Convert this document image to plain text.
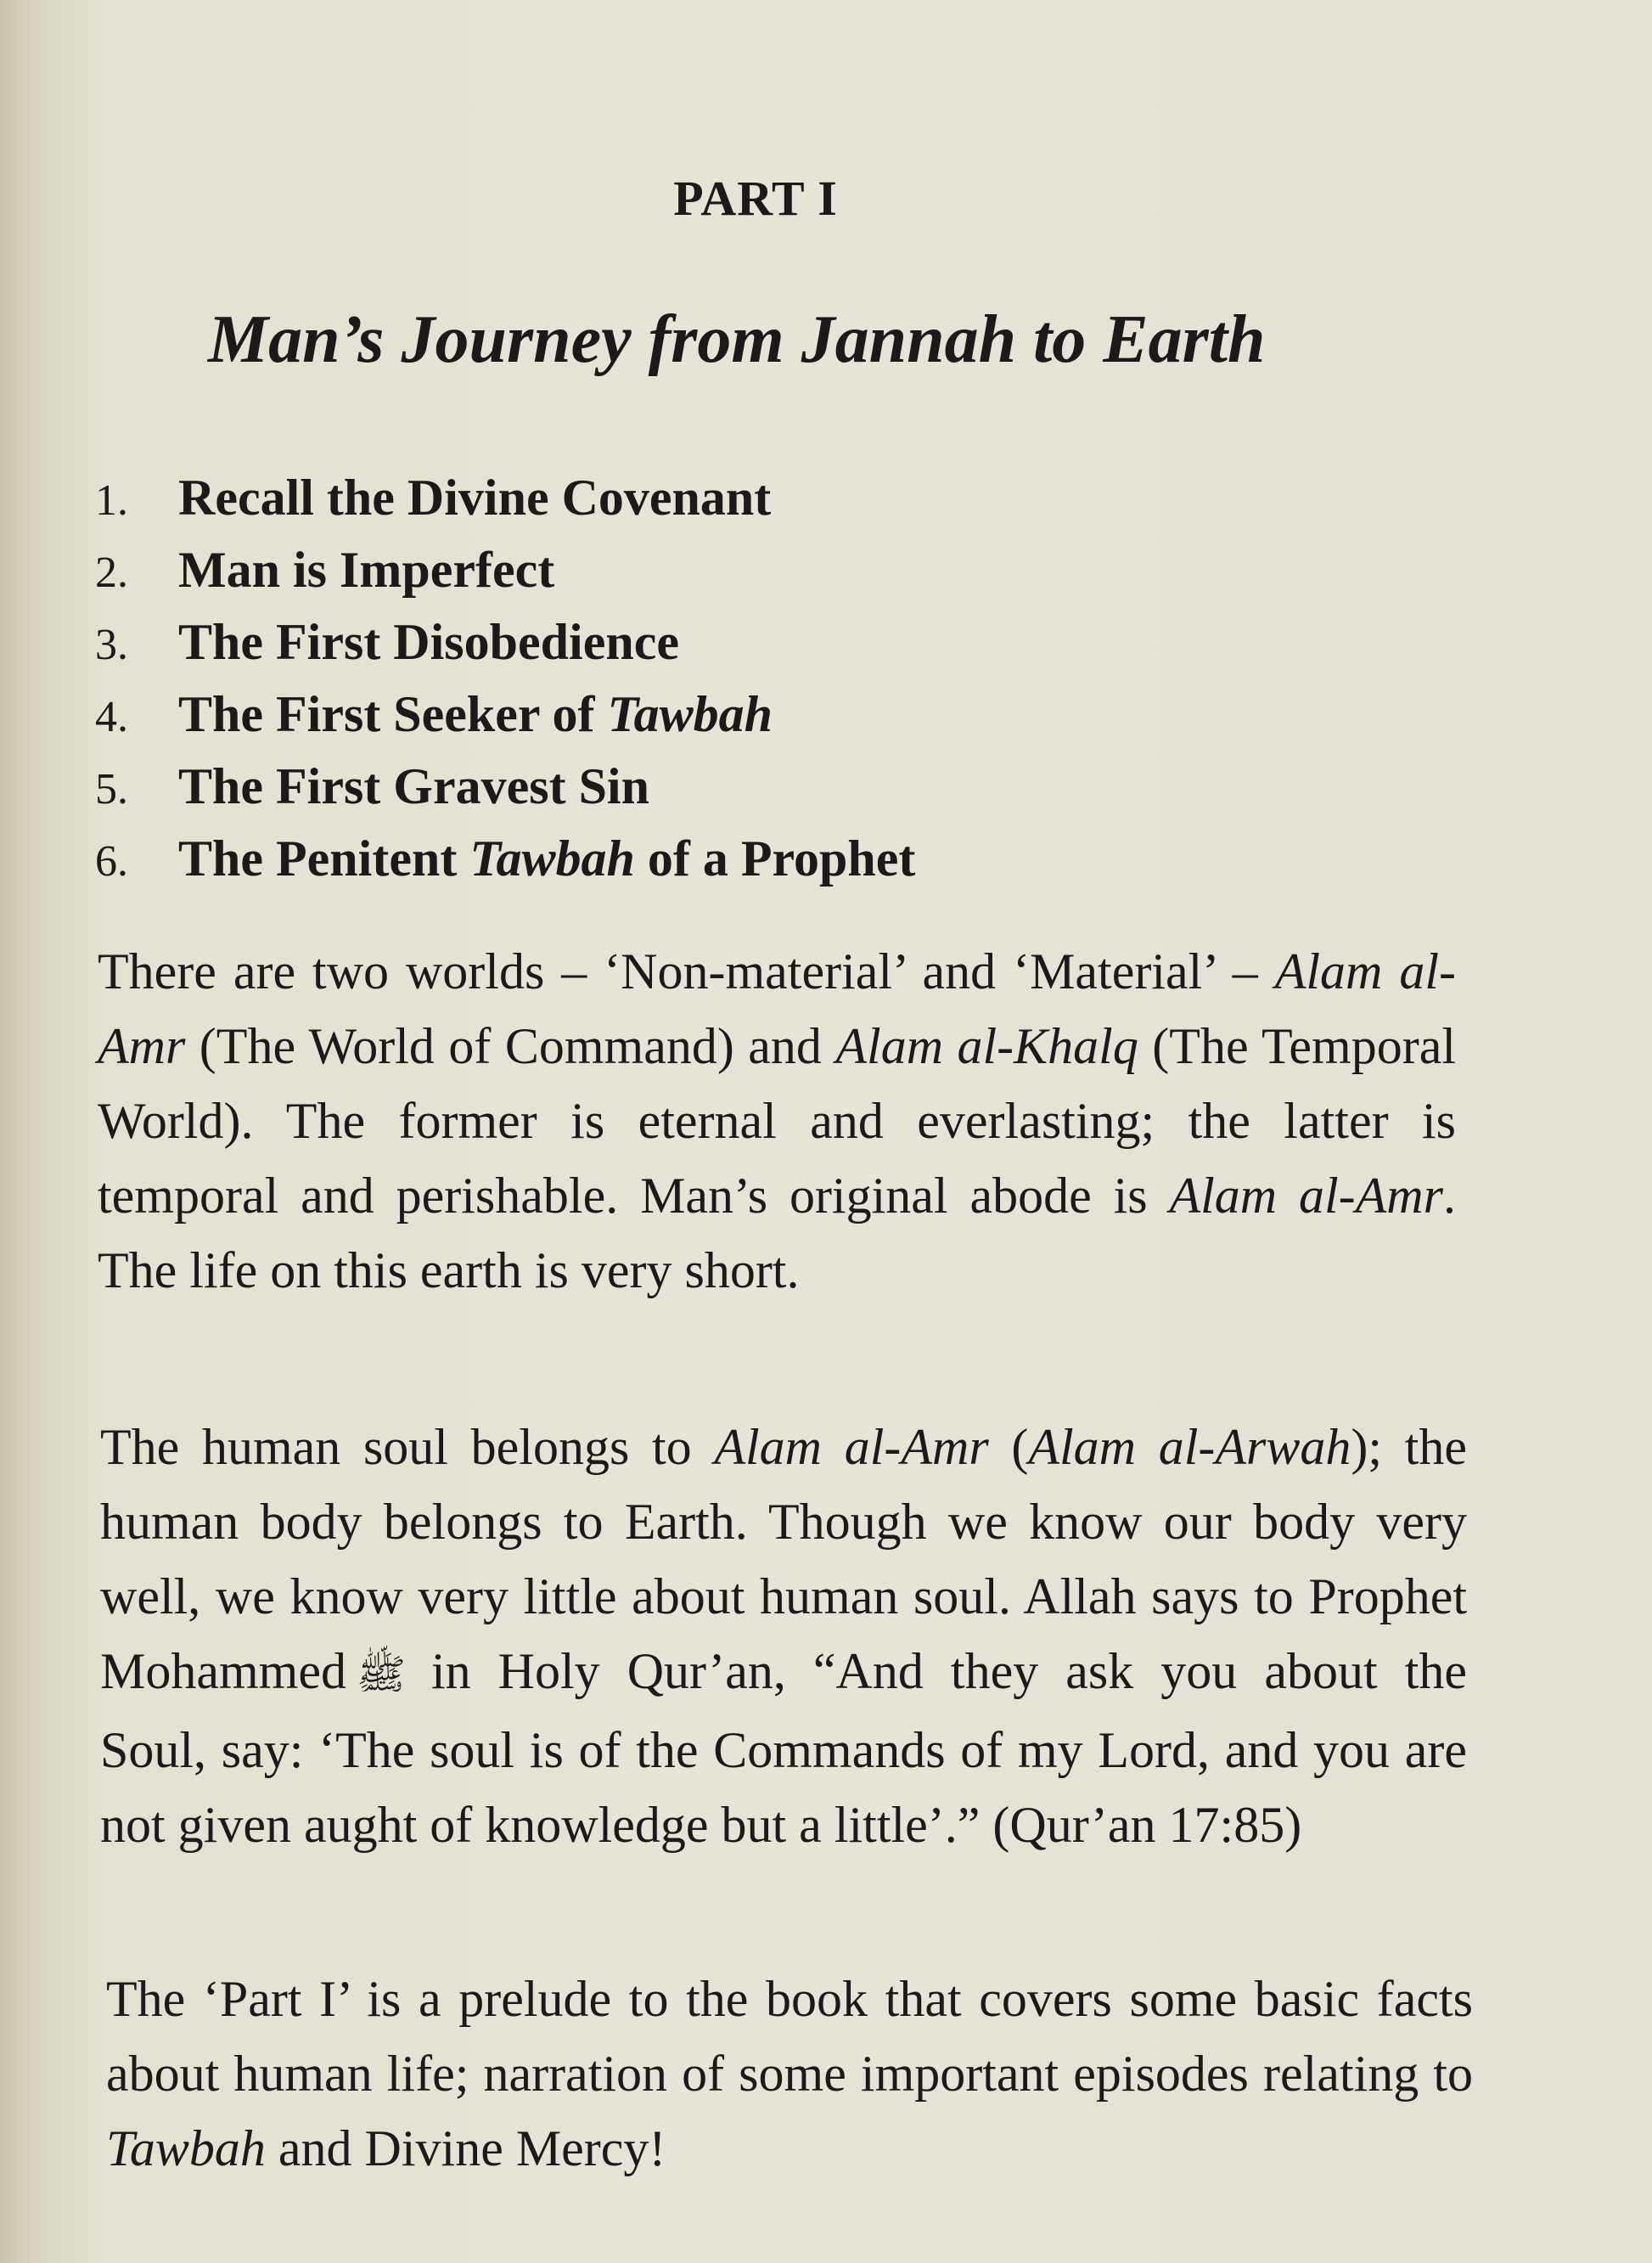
PART I
Man’s Journey from Jannah to Earth
1. Recall the Divine Covenant
2. Man is Imperfect
3. The First Disobedience
4. The First Seeker of Tawbah
5. The First Gravest Sin
6. The Penitent Tawbah of a Prophet

There are two worlds – ‘Non-material’ and ‘Material’ – Alam al-Amr (The World of Command) and Alam al-Khalq (The Temporal World). The former is eternal and everlasting; the latter is temporal and perishable. Man’s original abode is Alam al-Amr. The life on this earth is very short.

The human soul belongs to Alam al-Amr (Alam al-Arwah); the human body belongs to Earth. Though we know our body very well, we know very little about human soul. Allah says to Prophet Mohammed ﷺ in Holy Qur’an, “And they ask you about the Soul, say: ‘The soul is of the Commands of my Lord, and you are not given aught of knowledge but a little’.” (Qur’an 17:85)

The ‘Part I’ is a prelude to the book that covers some basic facts about human life; narration of some important episodes relating to Tawbah and Divine Mercy!
